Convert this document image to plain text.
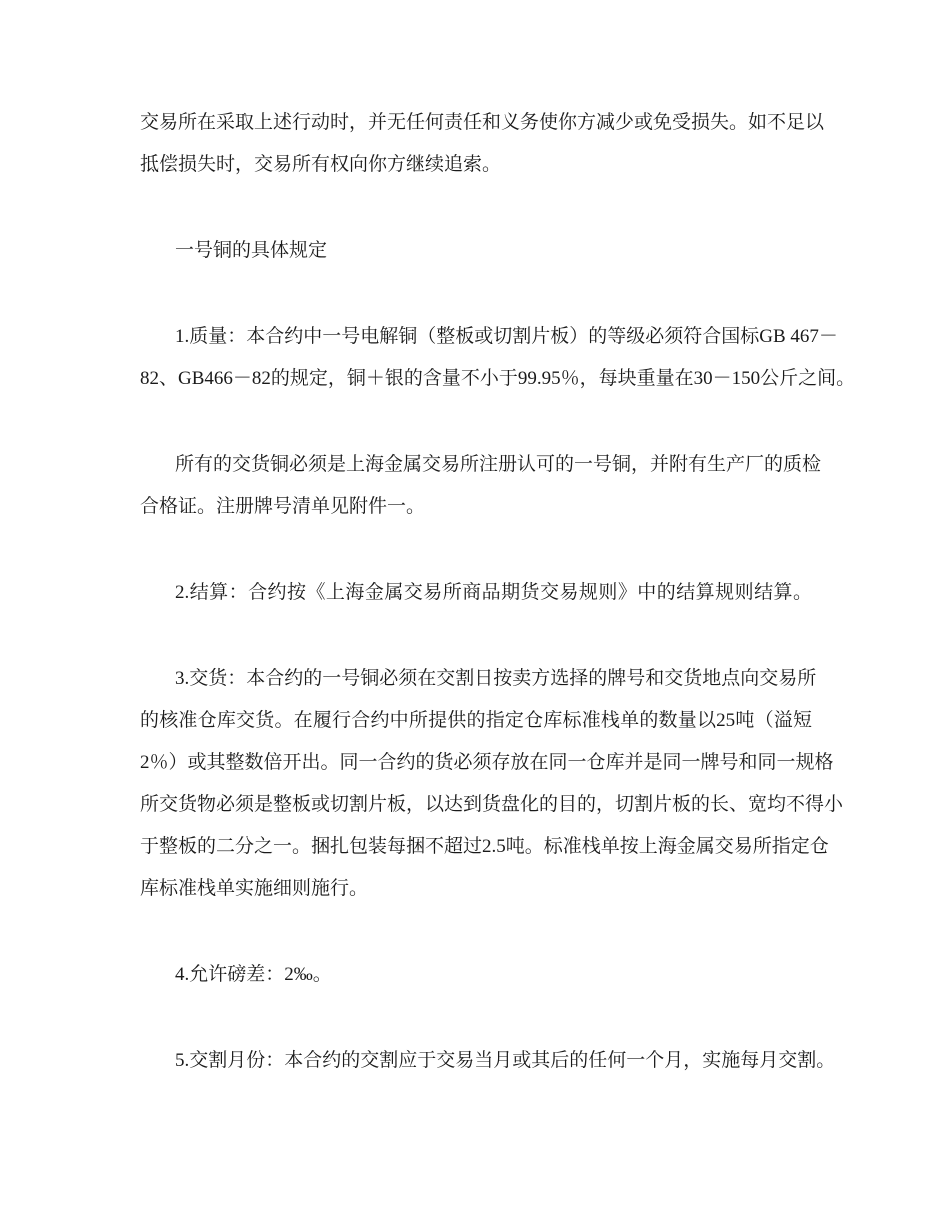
交易所在采取上述行动时，并无任何责任和义务使你方减少或免受损失。如不足以
抵偿损失时，交易所有权向你方继续追索。
一号铜的具体规定
1.质量：本合约中一号电解铜（整板或切割片板）的等级必须符合国标GB 467－
82、GB466－82的规定，铜＋银的含量不小于99.95％，每块重量在30－150公斤之间。
所有的交货铜必须是上海金属交易所注册认可的一号铜，并附有生产厂的质检
合格证。注册牌号清单见附件一。
2.结算：合约按《上海金属交易所商品期货交易规则》中的结算规则结算。
3.交货：本合约的一号铜必须在交割日按卖方选择的牌号和交货地点向交易所
的核准仓库交货。在履行合约中所提供的指定仓库标准栈单的数量以25吨（溢短
2％）或其整数倍开出。同一合约的货必须存放在同一仓库并是同一牌号和同一规格
所交货物必须是整板或切割片板，以达到货盘化的目的，切割片板的长、宽均不得小
于整板的二分之一。捆扎包装每捆不超过2.5吨。标准栈单按上海金属交易所指定仓
库标准栈单实施细则施行。
4.允许磅差：2‰。
5.交割月份：本合约的交割应于交易当月或其后的任何一个月，实施每月交割。
